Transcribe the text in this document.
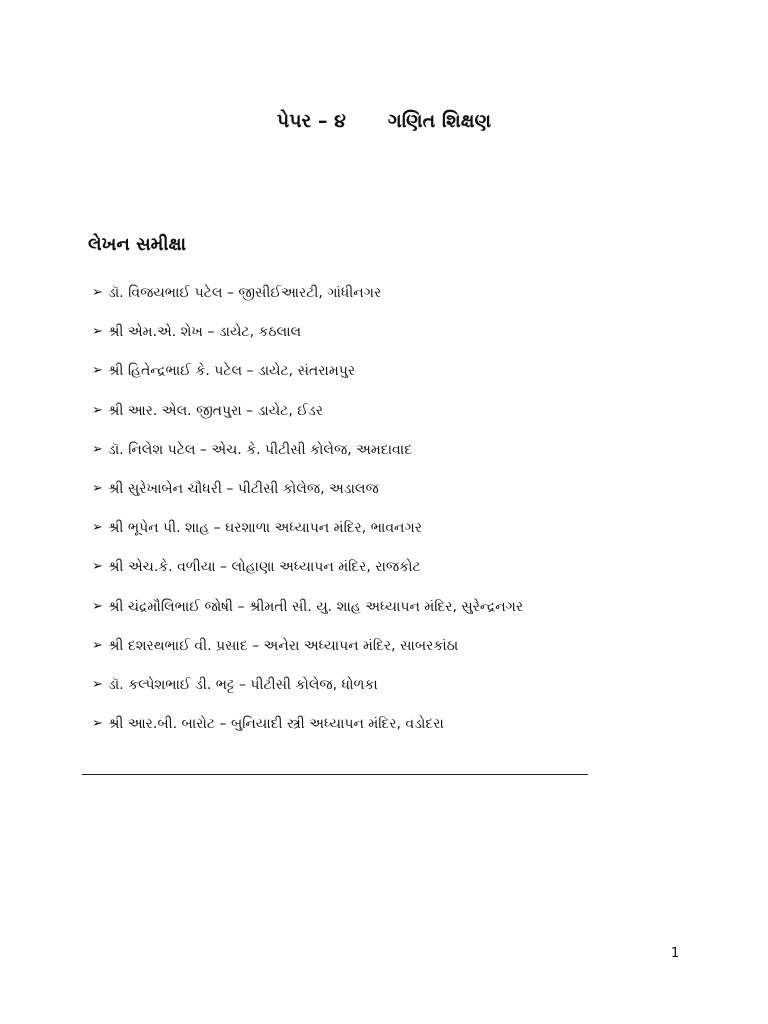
પેપર – ૪ ગણિત શિક્ષણ
લેખન સમીક્ષા
➢ ડૉ. વિજયભાઈ પટેલ – જીસીઈઆરટી, ગાંધીનગર
➢ શ્રી એમ.એ. શેખ – ડાયેટ, કઠલાલ
➢ શ્રી હિતેન્દ્રભાઈ કે. પટેલ – ડાયેટ, સંતરામપુર
➢ શ્રી આર. એલ. જીતપુરા – ડાયેટ, ઈડર
➢ ડૉ. નિલેશ પટેલ – એચ. કે. પીટીસી કોલેજ, અમદાવાદ
➢ શ્રી સુરેખાબેન ચૌધરી – પીટીસી કોલેજ, અડાલજ
➢ શ્રી ભૂપેન પી. શાહ – ઘરશાળા અધ્યાપન મંદિર, ભાવનગર
➢ શ્રી એચ.કે. વળીયા – લોહાણા અધ્યાપન મંદિર, રાજકોટ
➢ શ્રી ચંદ્રમૌલિભાઈ જોષી – શ્રીમતી સી. યુ. શાહ અધ્યાપન મંદિર, સુરેન્દ્રનગર
➢ શ્રી દશરથભાઈ વી. પ્રસાદ – અનેરા અધ્યાપન મંદિર, સાબરકાંઠા
➢ ડૉ. કલ્પેશભાઈ ડી. ભટ્ટ – પીટીસી કોલેજ, ધોળકા
➢ શ્રી આર.બી. બારોટ – બુનિયાદી સ્ત્રી અધ્યાપન મંદિર, વડોદરા
1
